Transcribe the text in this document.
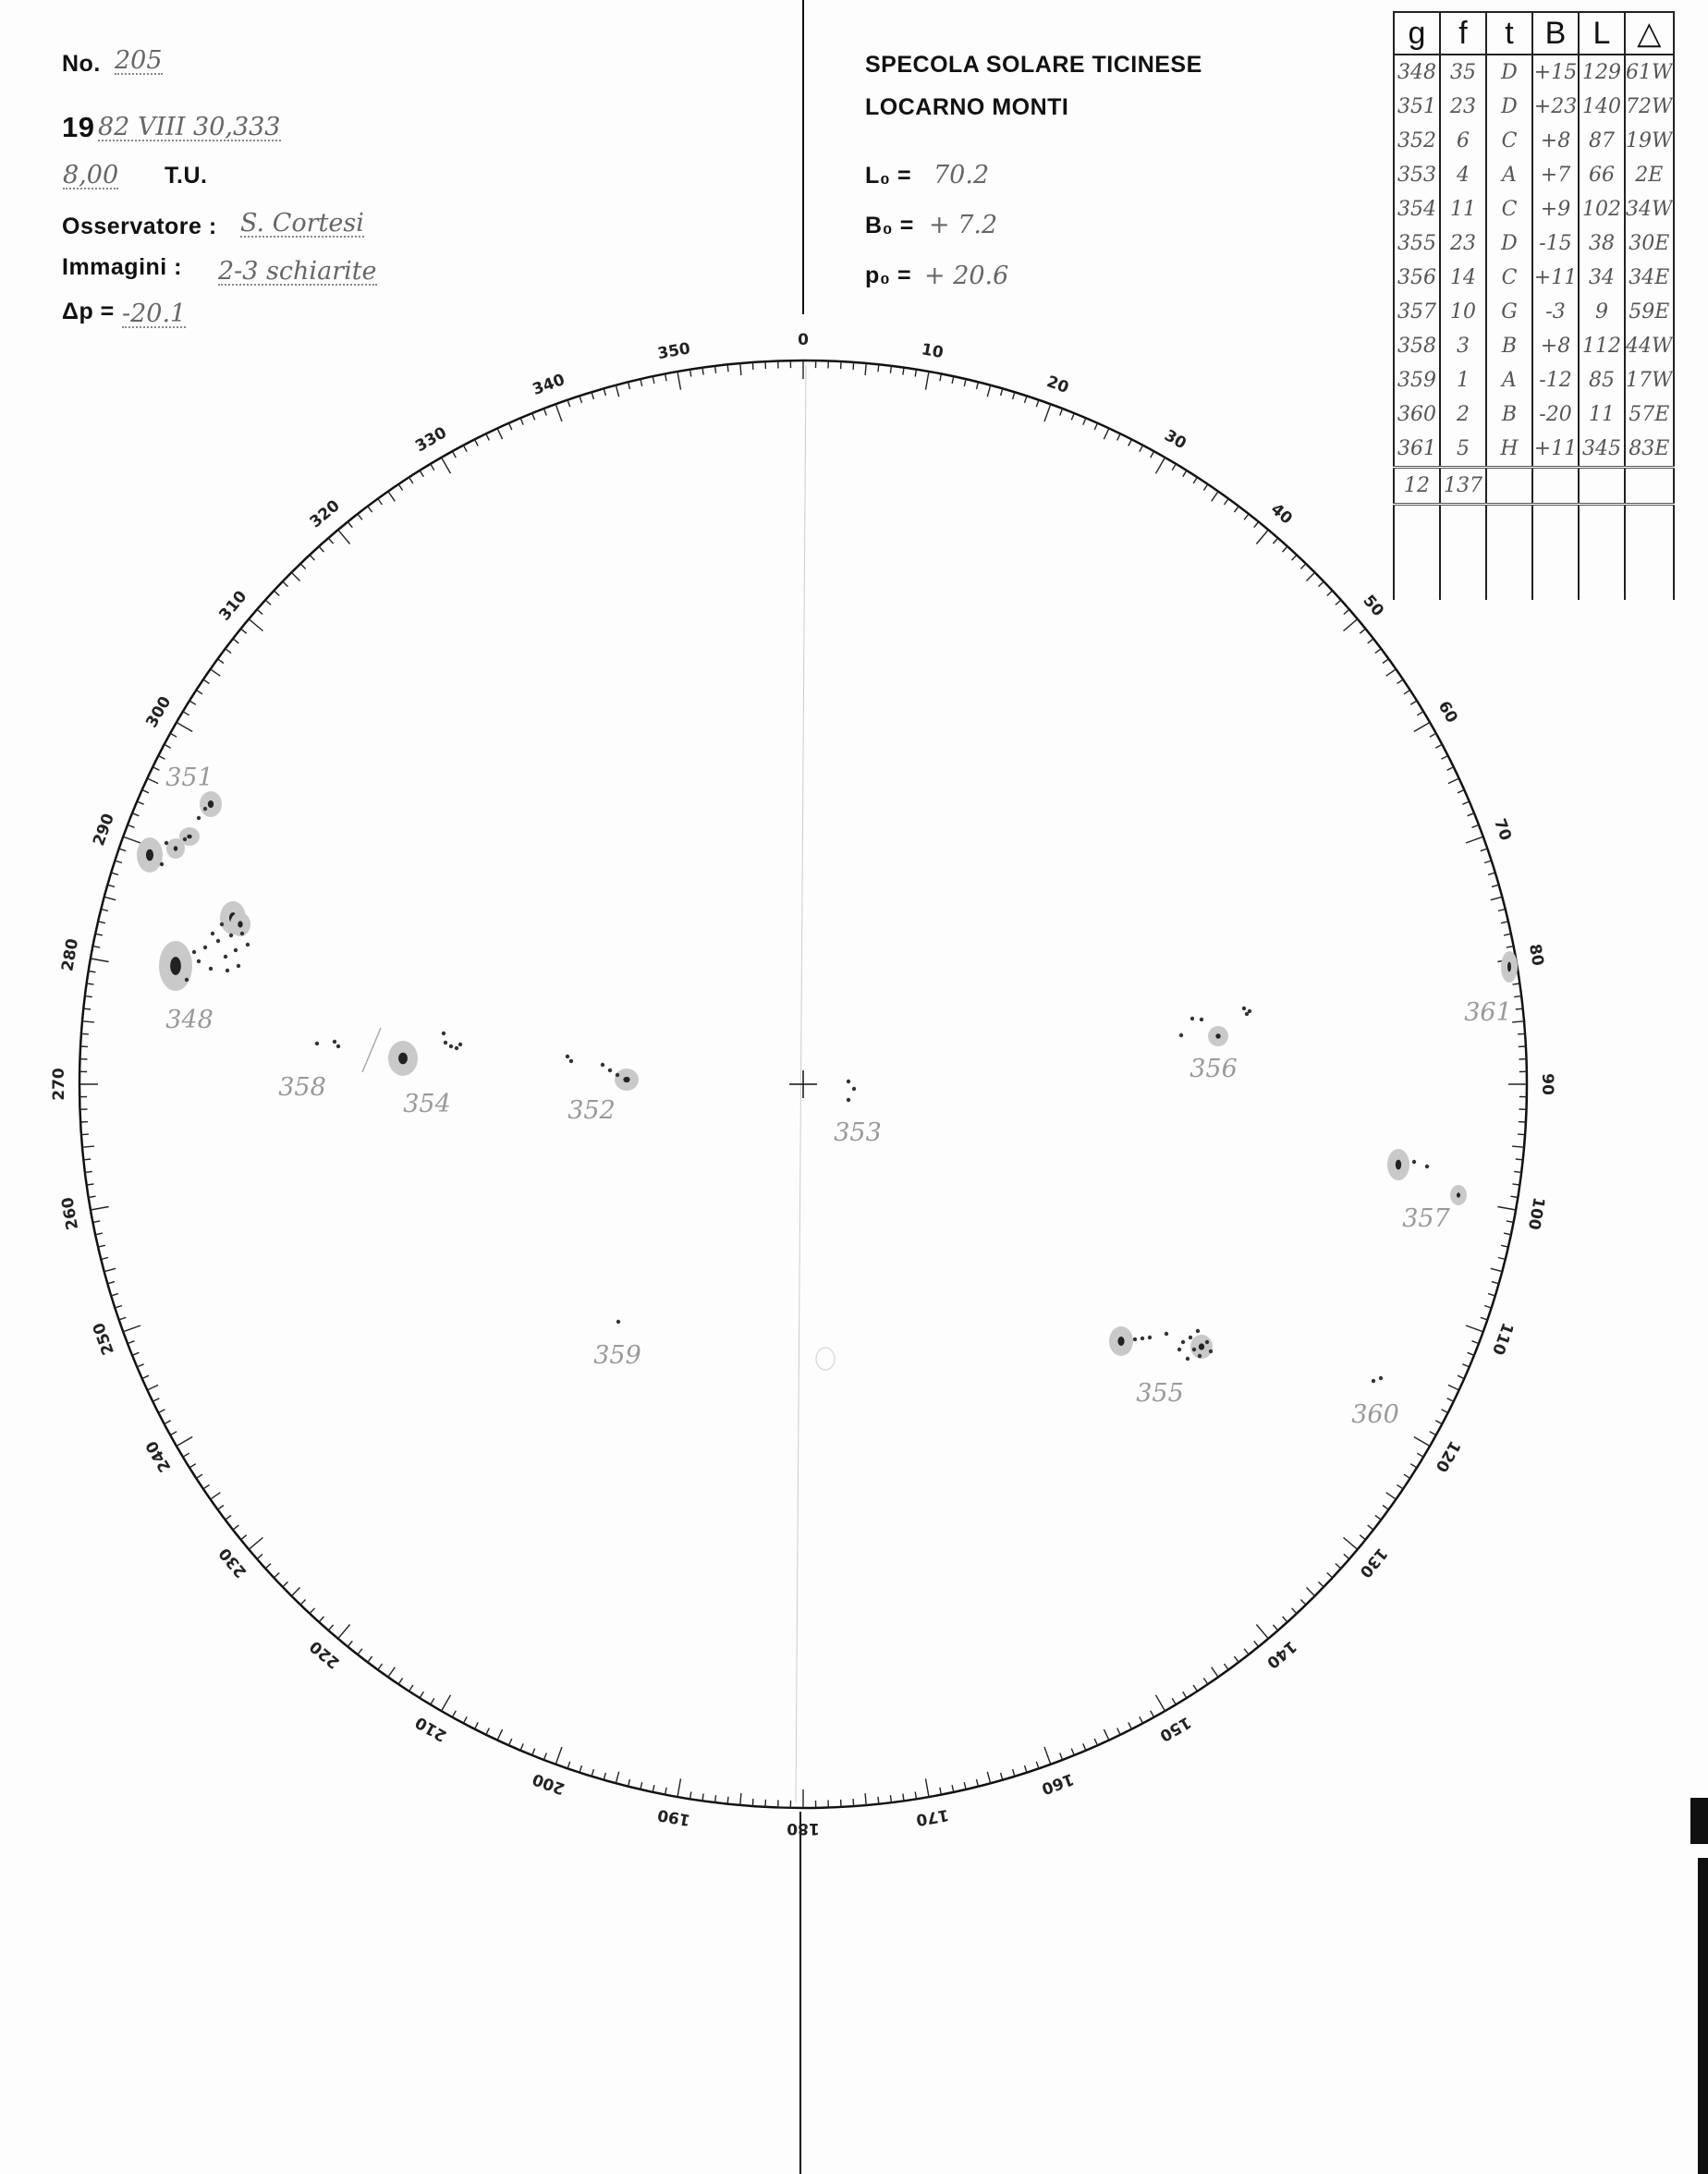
No. 205
19 82 VIII 30,333
8,00 T.U.
Osservatore : S. Cortesi
Immagini : 2-3 schiarite
Δp = -20.1
SPECOLA SOLARE TICINESE
LOCARNO MONTI
L₀ = 70.2
B₀ = + 7.2
p₀ = + 20.6
g	f	t	B	L	△
348	35	D	+15	129	61W
351	23	D	+23	140	72W
352	6	C	+8	87	19W
353	4	A	+7	66	2E
354	11	C	+9	102	34W
355	23	D	-15	38	30E
356	14	C	+11	34	34E
357	10	G	-3	9	59E
358	3	B	+8	112	44W
359	1	A	-12	85	17W
360	2	B	-20	11	57E
361	5	H	+11	345	83E
12	137				

0
10
20
30
40
50
60
70
80
90
100
110
120
130
140
150
160
170
180
190
200
210
220
230
240
250
260
270
280
290
300
310
320
330
340
350
351
348
358
354	352
353
356
361
357
359
355
360
